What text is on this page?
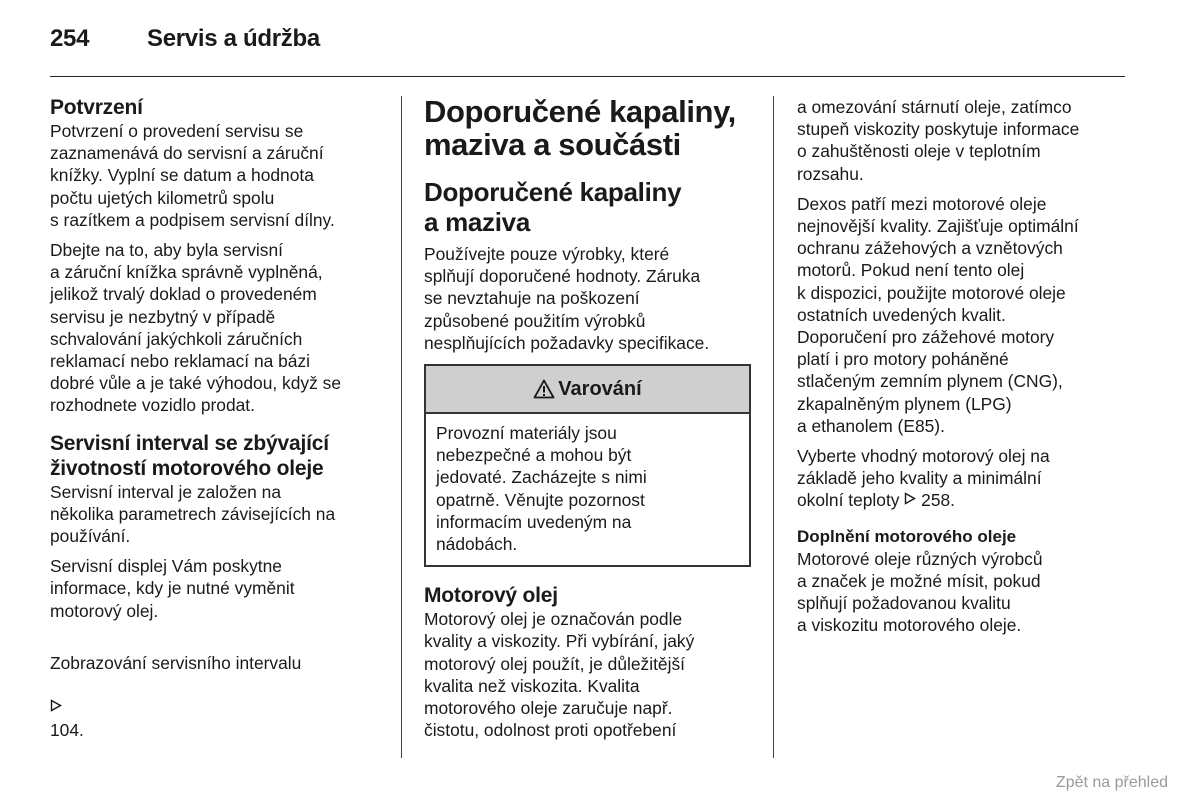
254 Servis a údržba
Potvrzení
Potvrzení o provedení servisu se
zaznamenává do servisní a záruční
knížky. Vyplní se datum a hodnota
počtu ujetých kilometrů spolu
s razítkem a podpisem servisní dílny.
Dbejte na to, aby byla servisní
a záruční knížka správně vyplněná,
jelikož trvalý doklad o provedeném
servisu je nezbytný v případě
schvalování jakýchkoli záručních
reklamací nebo reklamací na bázi
dobré vůle a je také výhodou, když se
rozhodnete vozidlo prodat.
Servisní interval se zbývající
životností motorového oleje
Servisní interval je založen na
několika parametrech závisejících na
používání.
Servisní displej Vám poskytne
informace, kdy je nutné vyměnit
motorový olej.

Zobrazování servisního intervalu

104.

Doporučené kapaliny,
maziva a součásti
Doporučené kapaliny
a maziva
Používejte pouze výrobky, které
splňují doporučené hodnoty. Záruka
se nevztahuje na poškození
způsobené použitím výrobků
nesplňujících požadavky specifikace.
Varování
Provozní materiály jsou
nebezpečné a mohou být
jedovaté. Zacházejte s nimi
opatrně. Věnujte pozornost
informacím uvedeným na
nádobách.
Motorový olej
Motorový olej je označován podle
kvality a viskozity. Při vybírání, jaký
motorový olej použít, je důležitější
kvalita než viskozita. Kvalita
motorového oleje zaručuje např.
čistotu, odolnost proti opotřebení
a omezování stárnutí oleje, zatímco
stupeň viskozity poskytuje informace
o zahuštěnosti oleje v teplotním
rozsahu.
Dexos patří mezi motorové oleje
nejnovější kvality. Zajišťuje optimální
ochranu zážehových a vznětových
motorů. Pokud není tento olej
k dispozici, použijte motorové oleje
ostatních uvedených kvalit.
Doporučení pro zážehové motory
platí i pro motory poháněné
stlačeným zemním plynem (CNG),
zkapalněným plynem (LPG)
a ethanolem (E85).
Vyberte vhodný motorový olej na
základě jeho kvality a minimální
okolní teploty 258.
Doplnění motorového oleje
Motorové oleje různých výrobců
a značek je možné mísit, pokud
splňují požadovanou kvalitu
a viskozitu motorového oleje.
Zpět na přehled
